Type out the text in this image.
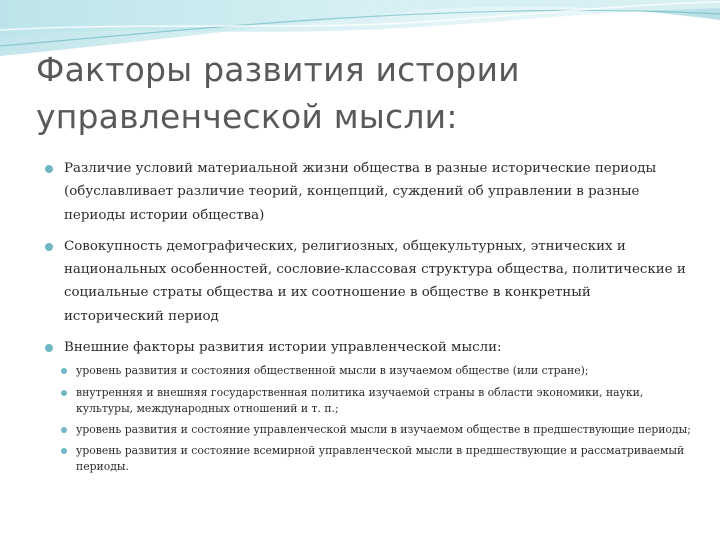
Факторы развития истории управленческой мысли:
Различие условий материальной жизни общества в разные исторические периоды (обуславливает различие теорий, концепций, суждений об управлении в разные периоды истории общества)
Совокупность демографических, религиозных, общекультурных, этнических и национальных особенностей, сословие-классовая структура общества, политические и социальные страты общества и их соотношение в обществе в конкретный исторический период
Внешние факторы развития истории управленческой мысли:
уровень развития и состояния общественной мысли в изучаемом обществе (или стране);
внутренняя и внешняя государственная политика изучаемой страны в области экономики, науки, культуры, международных отношений и т. п.;
уровень развития и состояние управленческой мысли в изучаемом обществе в предшествующие периоды;
уровень развития и состояние всемирной управленческой мысли в предшествующие и рассматриваемый периоды.
